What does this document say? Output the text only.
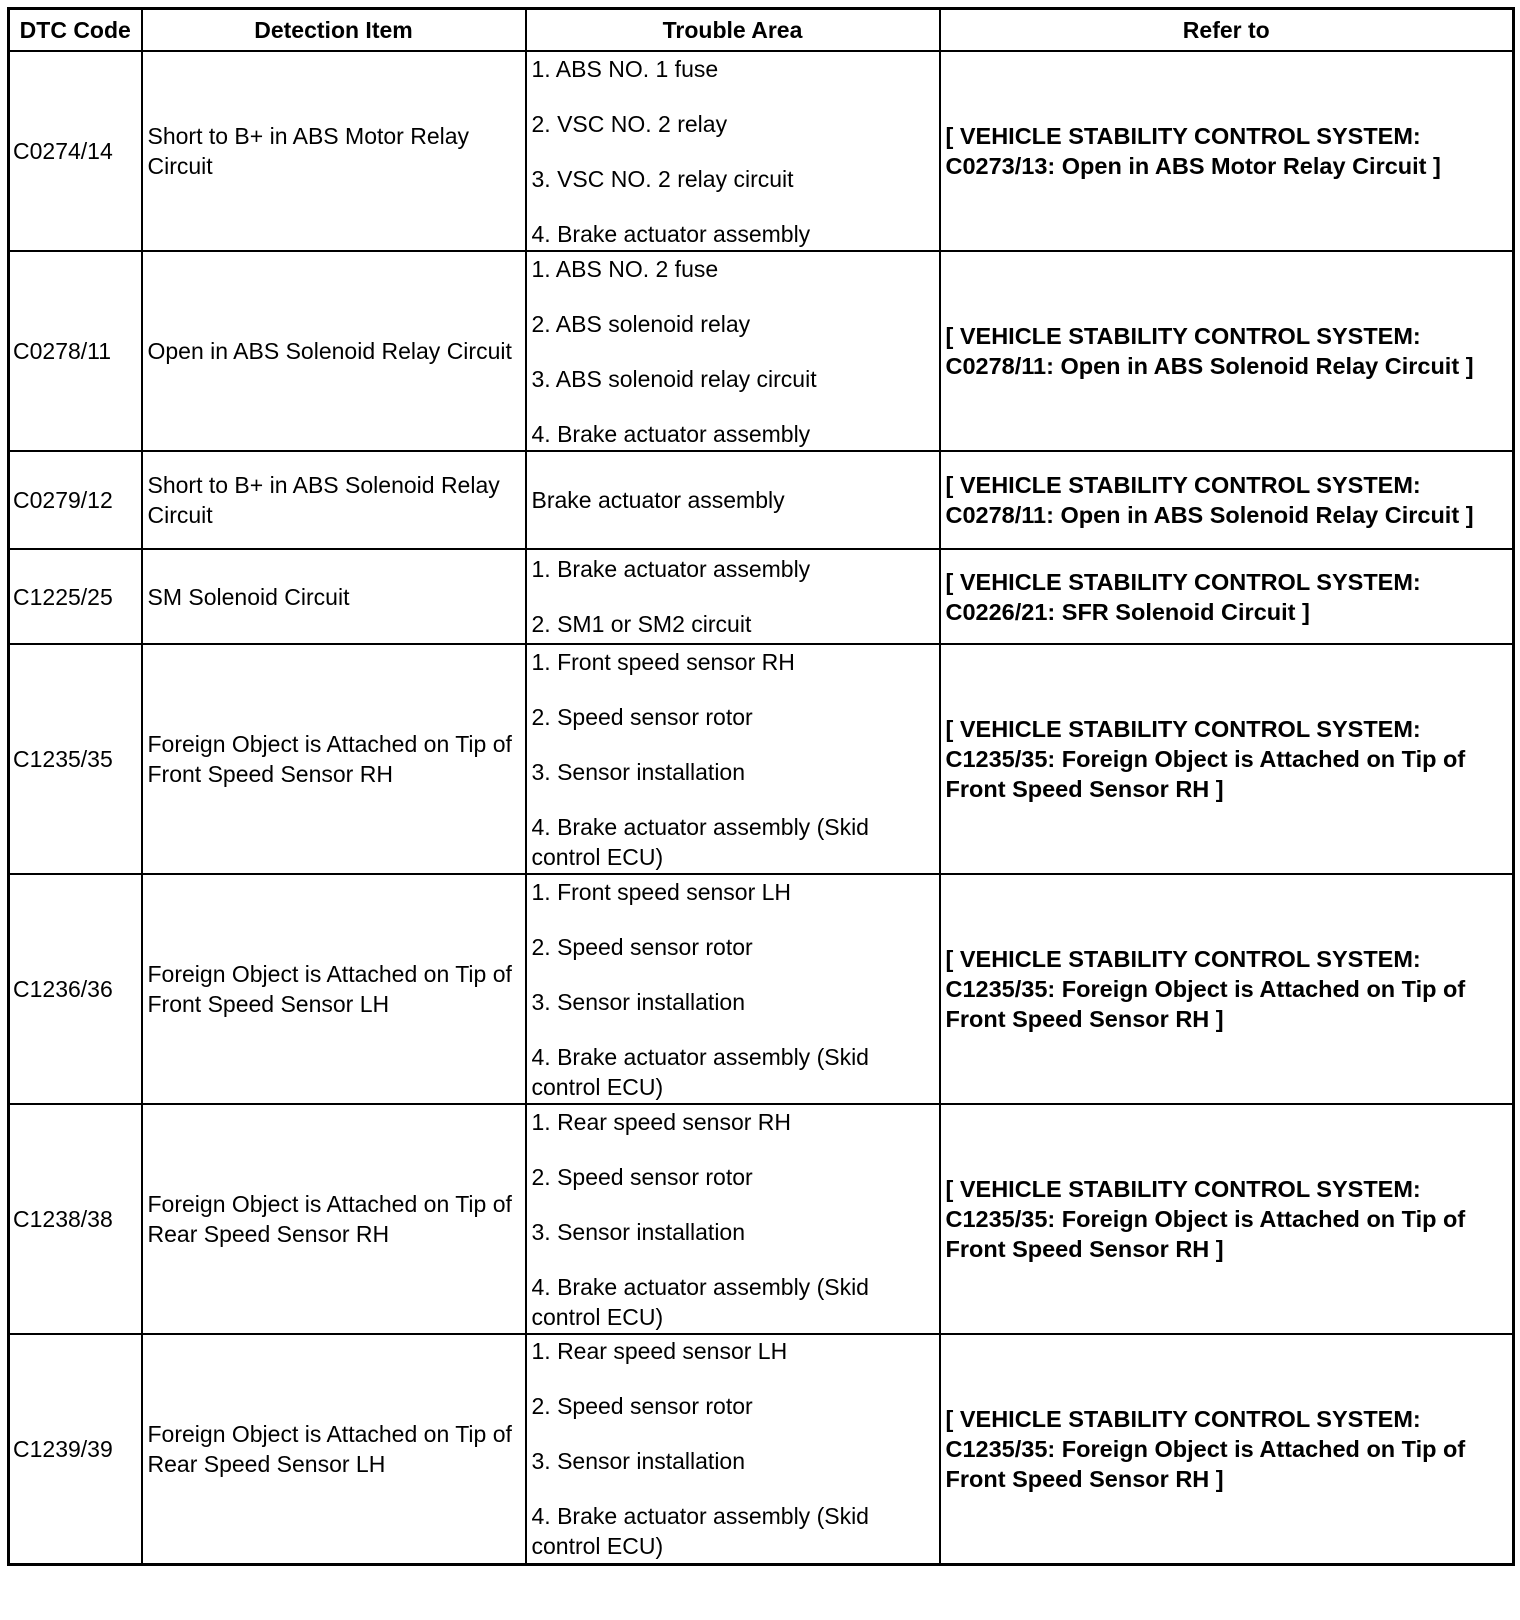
DTC Code	Detection Item	Trouble Area	Refer to
C0274/14	Short to B+ in ABS Motor Relay Circuit	1. ABS NO. 1 fuse
2. VSC NO. 2 relay
3. VSC NO. 2 relay circuit
4. Brake actuator assembly	[ VEHICLE STABILITY CONTROL SYSTEM: C0273/13: Open in ABS Motor Relay Circuit ]
C0278/11	Open in ABS Solenoid Relay Circuit	1. ABS NO. 2 fuse
2. ABS solenoid relay
3. ABS solenoid relay circuit
4. Brake actuator assembly	[ VEHICLE STABILITY CONTROL SYSTEM: C0278/11: Open in ABS Solenoid Relay Circuit ]
C0279/12	Short to B+ in ABS Solenoid Relay Circuit	Brake actuator assembly	[ VEHICLE STABILITY CONTROL SYSTEM: C0278/11: Open in ABS Solenoid Relay Circuit ]
C1225/25	SM Solenoid Circuit	1. Brake actuator assembly
2. SM1 or SM2 circuit	[ VEHICLE STABILITY CONTROL SYSTEM: C0226/21: SFR Solenoid Circuit ]
C1235/35	Foreign Object is Attached on Tip of Front Speed Sensor RH	1. Front speed sensor RH
2. Speed sensor rotor
3. Sensor installation
4. Brake actuator assembly (Skid control ECU)	[ VEHICLE STABILITY CONTROL SYSTEM: C1235/35: Foreign Object is Attached on Tip of Front Speed Sensor RH ]
C1236/36	Foreign Object is Attached on Tip of Front Speed Sensor LH	1. Front speed sensor LH
2. Speed sensor rotor
3. Sensor installation
4. Brake actuator assembly (Skid control ECU)	[ VEHICLE STABILITY CONTROL SYSTEM: C1235/35: Foreign Object is Attached on Tip of Front Speed Sensor RH ]
C1238/38	Foreign Object is Attached on Tip of Rear Speed Sensor RH	1. Rear speed sensor RH
2. Speed sensor rotor
3. Sensor installation
4. Brake actuator assembly (Skid control ECU)	[ VEHICLE STABILITY CONTROL SYSTEM: C1235/35: Foreign Object is Attached on Tip of Front Speed Sensor RH ]
C1239/39	Foreign Object is Attached on Tip of Rear Speed Sensor LH	1. Rear speed sensor LH
2. Speed sensor rotor
3. Sensor installation
4. Brake actuator assembly (Skid control ECU)	[ VEHICLE STABILITY CONTROL SYSTEM: C1235/35: Foreign Object is Attached on Tip of Front Speed Sensor RH ]
